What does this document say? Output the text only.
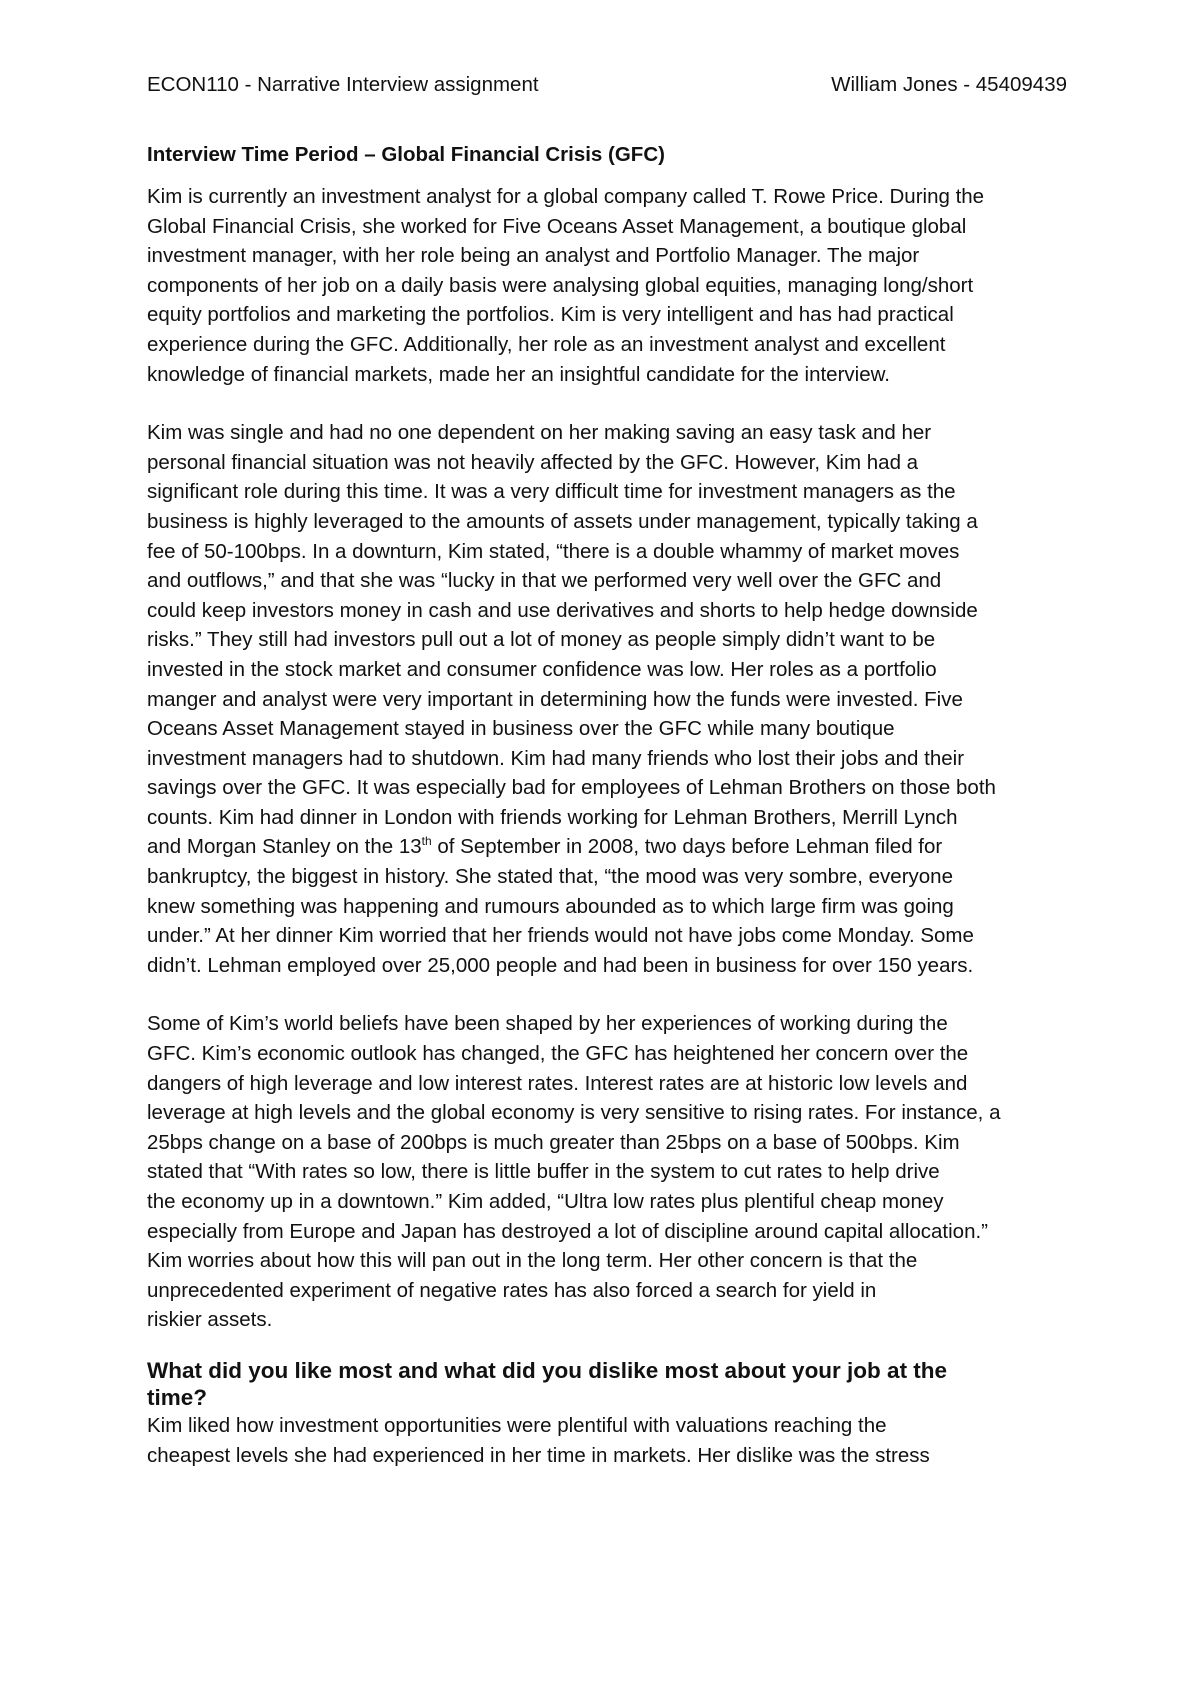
ECON110 - Narrative Interview assignment	William Jones - 45409439
Interview Time Period – Global Financial Crisis (GFC)

Kim is currently an investment analyst for a global company called T. Rowe Price. During the
Global Financial Crisis, she worked for Five Oceans Asset Management, a boutique global
investment manager, with her role being an analyst and Portfolio Manager. The major
components of her job on a daily basis were analysing global equities, managing long/short
equity portfolios and marketing the portfolios. Kim is very intelligent and has had practical
experience during the GFC. Additionally, her role as an investment analyst and excellent
knowledge of financial markets, made her an insightful candidate for the interview.

Kim was single and had no one dependent on her making saving an easy task and her
personal financial situation was not heavily affected by the GFC. However, Kim had a
significant role during this time. It was a very difficult time for investment managers as the
business is highly leveraged to the amounts of assets under management, typically taking a
fee of 50-100bps. In a downturn, Kim stated, “there is a double whammy of market moves
and outflows,” and that she was “lucky in that we performed very well over the GFC and
could keep investors money in cash and use derivatives and shorts to help hedge downside
risks.” They still had investors pull out a lot of money as people simply didn’t want to be
invested in the stock market and consumer confidence was low. Her roles as a portfolio
manger and analyst were very important in determining how the funds were invested. Five
Oceans Asset Management stayed in business over the GFC while many boutique
investment managers had to shutdown. Kim had many friends who lost their jobs and their
savings over the GFC. It was especially bad for employees of Lehman Brothers on those both
counts. Kim had dinner in London with friends working for Lehman Brothers, Merrill Lynch
and Morgan Stanley on the 13th of September in 2008, two days before Lehman filed for
bankruptcy, the biggest in history. She stated that, “the mood was very sombre, everyone
knew something was happening and rumours abounded as to which large firm was going
under.” At her dinner Kim worried that her friends would not have jobs come Monday. Some
didn’t. Lehman employed over 25,000 people and had been in business for over 150 years.

Some of Kim’s world beliefs have been shaped by her experiences of working during the
GFC. Kim’s economic outlook has changed, the GFC has heightened her concern over the
dangers of high leverage and low interest rates. Interest rates are at historic low levels and
leverage at high levels and the global economy is very sensitive to rising rates. For instance, a
25bps change on a base of 200bps is much greater than 25bps on a base of 500bps. Kim
stated that “With rates so low, there is little buffer in the system to cut rates to help drive
the economy up in a downtown.” Kim added, “Ultra low rates plus plentiful cheap money
especially from Europe and Japan has destroyed a lot of discipline around capital allocation.”
Kim worries about how this will pan out in the long term. Her other concern is that the
unprecedented experiment of negative rates has also forced a search for yield in
riskier assets.

What did you like most and what did you dislike most about your job at the
time?

Kim liked how investment opportunities were plentiful with valuations reaching the
cheapest levels she had experienced in her time in markets. Her dislike was the stress
